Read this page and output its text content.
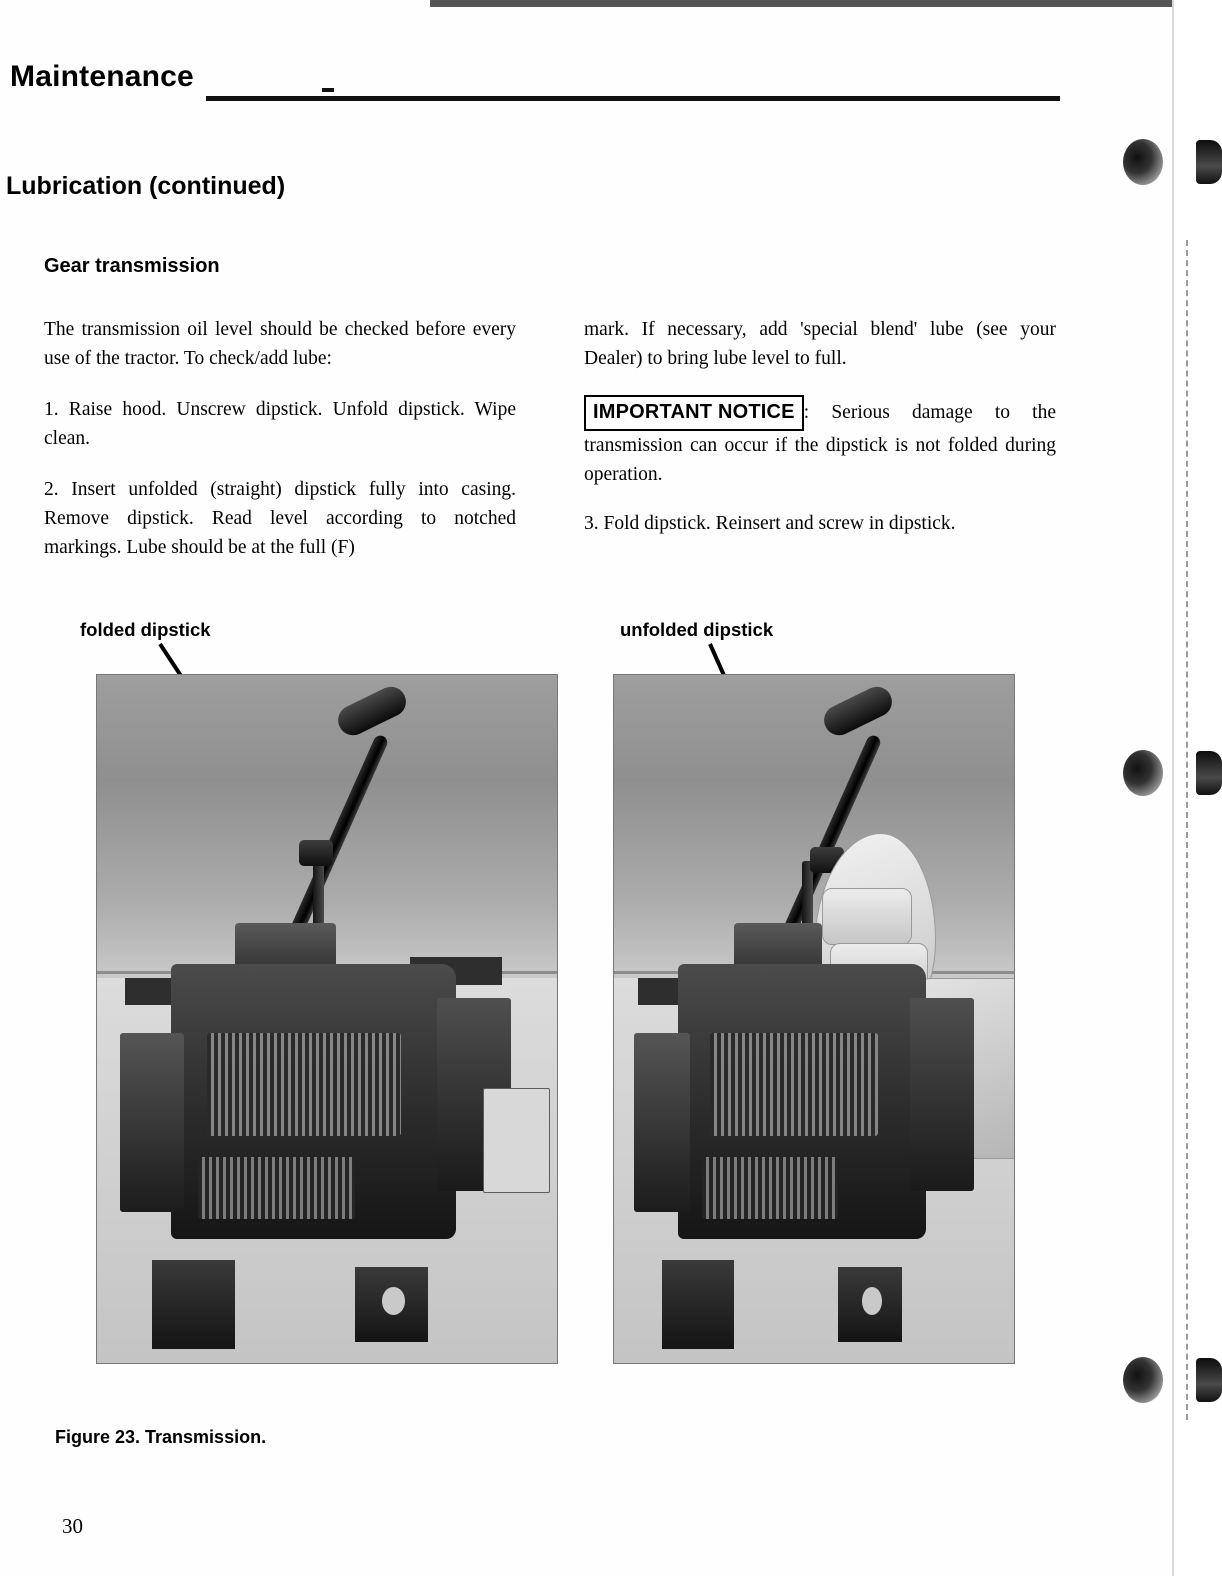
Maintenance
Lubrication (continued)
Gear transmission

The transmission oil level should be checked before every use of the tractor. To check/add lube:

1. Raise hood. Unscrew dipstick. Unfold dipstick. Wipe clean.

2. Insert unfolded (straight) dipstick fully into casing. Remove dipstick. Read level according to notched markings. Lube should be at the full (F)

mark. If necessary, add 'special blend' lube (see your Dealer) to bring lube level to full.

IMPORTANT NOTICE : Serious damage to the transmission can occur if the dipstick is not folded during operation.

3. Fold dipstick. Reinsert and screw in dipstick.

folded dipstick	unfolded dipstick
Figure 23. Transmission.
30
